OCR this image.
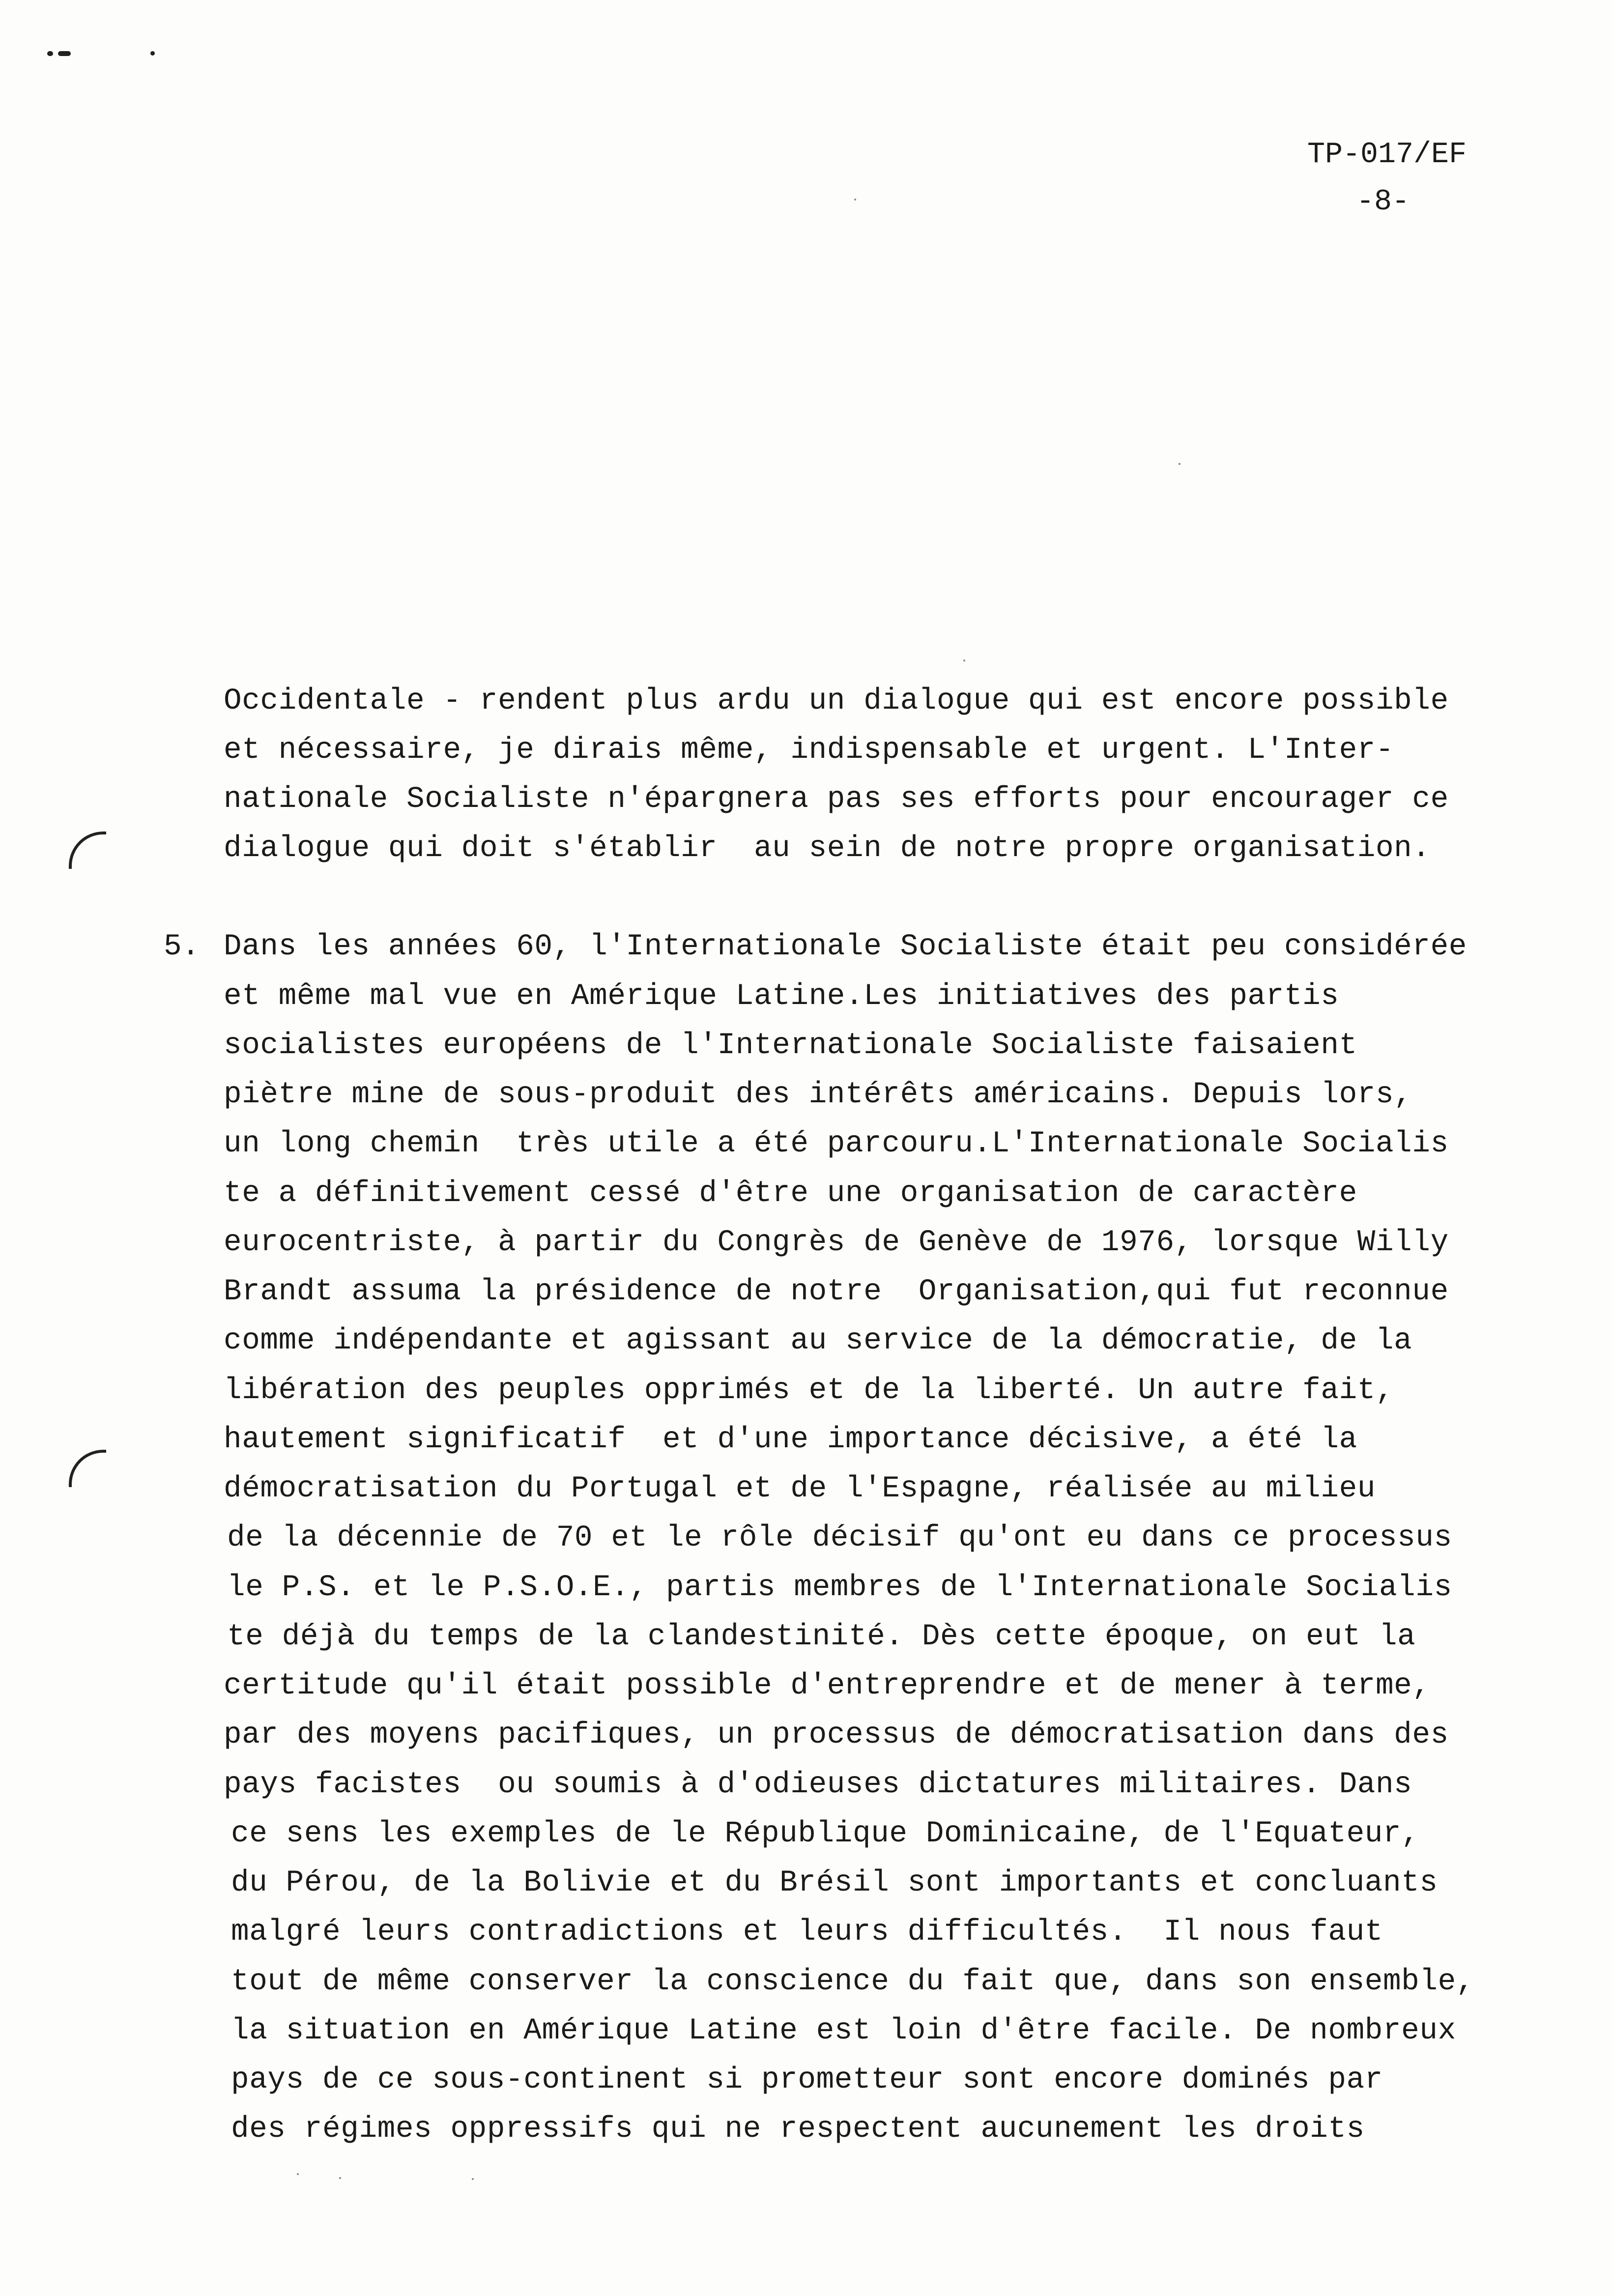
TP-017/EF
-8-
Occidentale - rendent plus ardu un dialogue qui est encore possible
et nécessaire, je dirais même, indispensable et urgent. L'Inter-
nationale Socialiste n'épargnera pas ses efforts pour encourager ce
dialogue qui doit s'établir  au sein de notre propre organisation.
5. Dans les années 60, l'Internationale Socialiste était peu considérée
et même mal vue en Amérique Latine.Les initiatives des partis
socialistes européens de l'Internationale Socialiste faisaient
piètre mine de sous-produit des intérêts américains. Depuis lors,
un long chemin  très utile a été parcouru.L'Internationale Socialis
te a définitivement cessé d'être une organisation de caractère
eurocentriste, à partir du Congrès de Genève de 1976, lorsque Willy
Brandt assuma la présidence de notre  Organisation,qui fut reconnue
comme indépendante et agissant au service de la démocratie, de la
libération des peuples opprimés et de la liberté. Un autre fait,
hautement significatif  et d'une importance décisive, a été la
démocratisation du Portugal et de l'Espagne, réalisée au milieu
de la décennie de 70 et le rôle décisif qu'ont eu dans ce processus
le P.S. et le P.S.O.E., partis membres de l'Internationale Socialis
te déjà du temps de la clandestinité. Dès cette époque, on eut la
certitude qu'il était possible d'entreprendre et de mener à terme,
par des moyens pacifiques, un processus de démocratisation dans des
pays facistes  ou soumis à d'odieuses dictatures militaires. Dans
ce sens les exemples de le République Dominicaine, de l'Equateur,
du Pérou, de la Bolivie et du Brésil sont importants et concluants
malgré leurs contradictions et leurs difficultés.  Il nous faut
tout de même conserver la conscience du fait que, dans son ensemble,
la situation en Amérique Latine est loin d'être facile. De nombreux
pays de ce sous-continent si prometteur sont encore dominés par
des régimes oppressifs qui ne respectent aucunement les droits
